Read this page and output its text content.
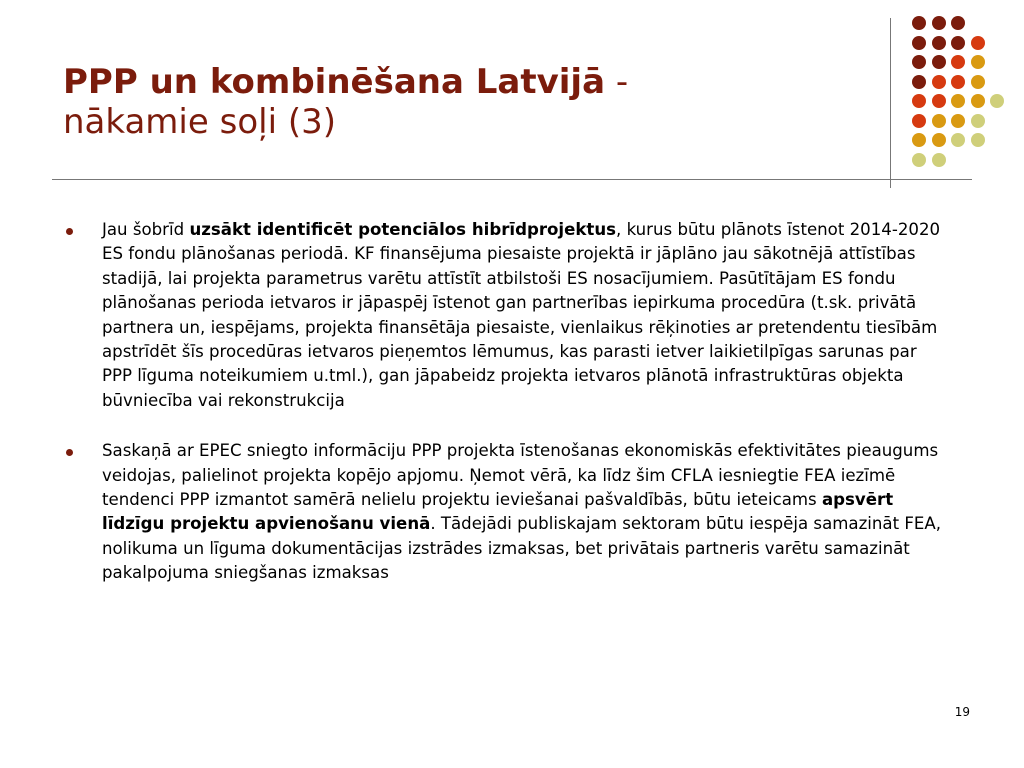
PPP un kombinēšana Latvijā -
nākamie soļi (3)

Jau šobrīd uzsākt identificēt potenciālos hibrīdprojektus, kurus būtu plānots īstenot 2014-2020 ES fondu plānošanas periodā. KF finansējuma piesaiste projektā ir jāplāno jau sākotnējā attīstības stadijā, lai projekta parametrus varētu attīstīt atbilstoši ES nosacījumiem. Pasūtītājam ES fondu plānošanas perioda ietvaros ir jāpaspēj īstenot gan partnerības iepirkuma procedūra (t.sk. privātā partnera un, iespējams, projekta finansētāja piesaiste, vienlaikus rēķinoties ar pretendentu tiesībām apstrīdēt šīs procedūras ietvaros pieņemtos lēmumus, kas parasti ietver laikietilpīgas sarunas par PPP līguma noteikumiem u.tml.), gan jāpabeidz projekta ietvaros plānotā infrastruktūras objekta būvniecība vai rekonstrukcija

Saskaņā ar EPEC sniegto informāciju PPP projekta īstenošanas ekonomiskās efektivitātes pieaugums veidojas, palielinot projekta kopējo apjomu. Ņemot vērā, ka līdz šim CFLA iesniegtie FEA iezīmē tendenci PPP izmantot samērā nelielu projektu ieviešanai pašvaldībās, būtu ieteicams apsvērt līdzīgu projektu apvienošanu vienā. Tādejādi publiskajam sektoram būtu iespēja samazināt FEA, nolikuma un līguma dokumentācijas izstrādes izmaksas, bet privātais partneris varētu samazināt pakalpojuma sniegšanas izmaksas

19
